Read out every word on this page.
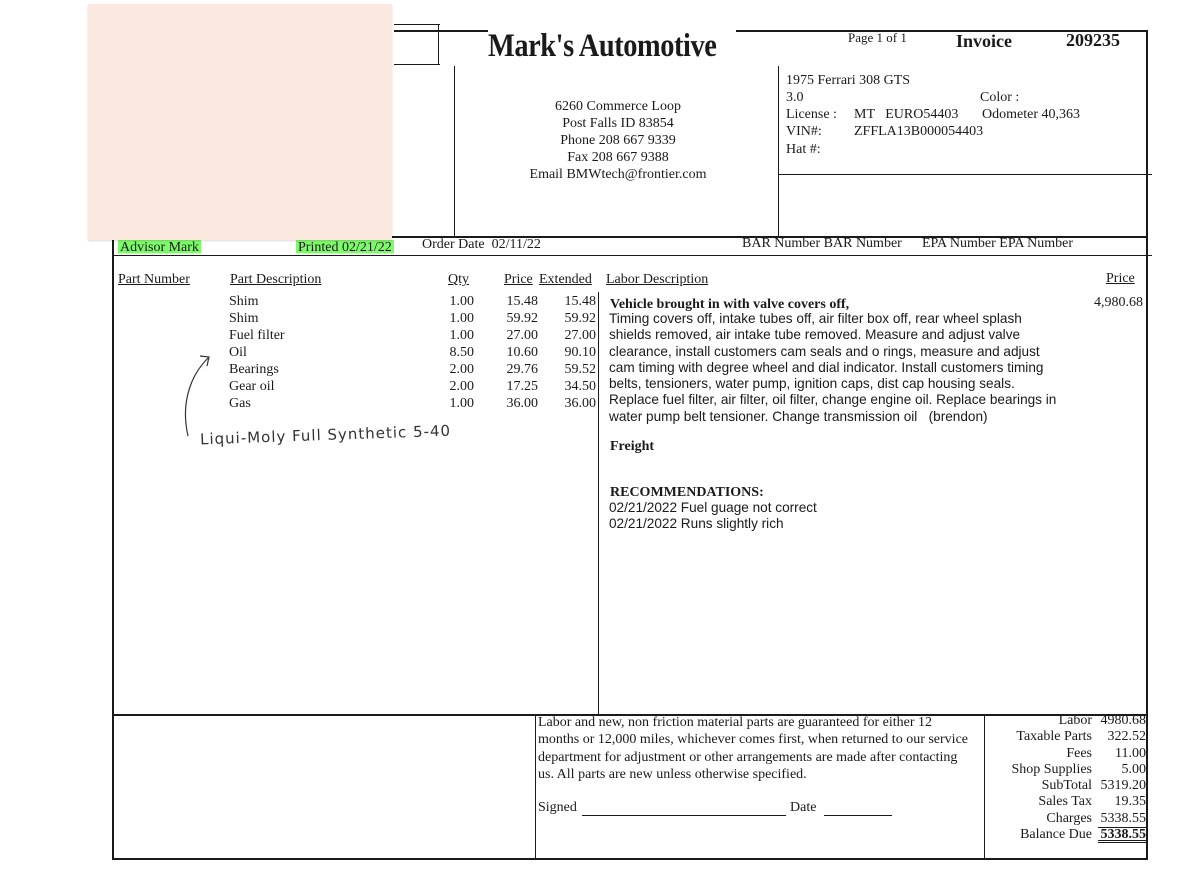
Mark's Automotive
6260 Commerce Loop
Post Falls ID 83854
Phone 208 667 9339
Fax 208 667 9388
Email BMWtech@frontier.com
Page 1 of 1	Invoice	209235
1975 Ferrari 308 GTS
3.0	Color :
License : MT   EURO54403 Odometer 40,363
VIN#: ZFFLA13B000054403
Hat #:
Advisor Mark	Printed 02/21/22 Order Date  02/11/22	BAR Number BAR Number EPA Number EPA Number
Part Number	Part Description	Qty	Price Extended
Shim	1.00	15.48	15.48
Shim	1.00	59.92	59.92
Fuel filter	1.00	27.00	27.00
Oil	8.50	10.60	90.10
Bearings	2.00	29.76	59.52
Gear oil	2.00	17.25	34.50
Gas	1.00	36.00	36.00
Liqui-Moly Full Synthetic 5-40
Labor Description	Price
Vehicle brought in with valve covers off,	4,980.68
Timing covers off, intake tubes off, air filter box off, rear wheel splash
shields removed, air intake tube removed. Measure and adjust valve
clearance, install customers cam seals and o rings, measure and adjust
cam timing with degree wheel and dial indicator. Install customers timing
belts, tensioners, water pump, ignition caps, dist cap housing seals.
Replace fuel filter, air filter, oil filter, change engine oil. Replace bearings in
water pump belt tensioner. Change transmission oil   (brendon)
Freight
RECOMMENDATIONS:
02/21/2022 Fuel guage not correct
02/21/2022 Runs slightly rich
Labor and new, non friction material parts are guaranteed for either 12
months or 12,000 miles, whichever comes first, when returned to our service
department for adjustment or other arrangements are made after contacting
us. All parts are new unless otherwise specified.
Signed	Date
Labor 4980.68
Taxable Parts	322.52
Fees	11.00
Shop Supplies	5.00
SubTotal 5319.20
Sales Tax	19.35
Charges 5338.55
Balance Due 5338.55
